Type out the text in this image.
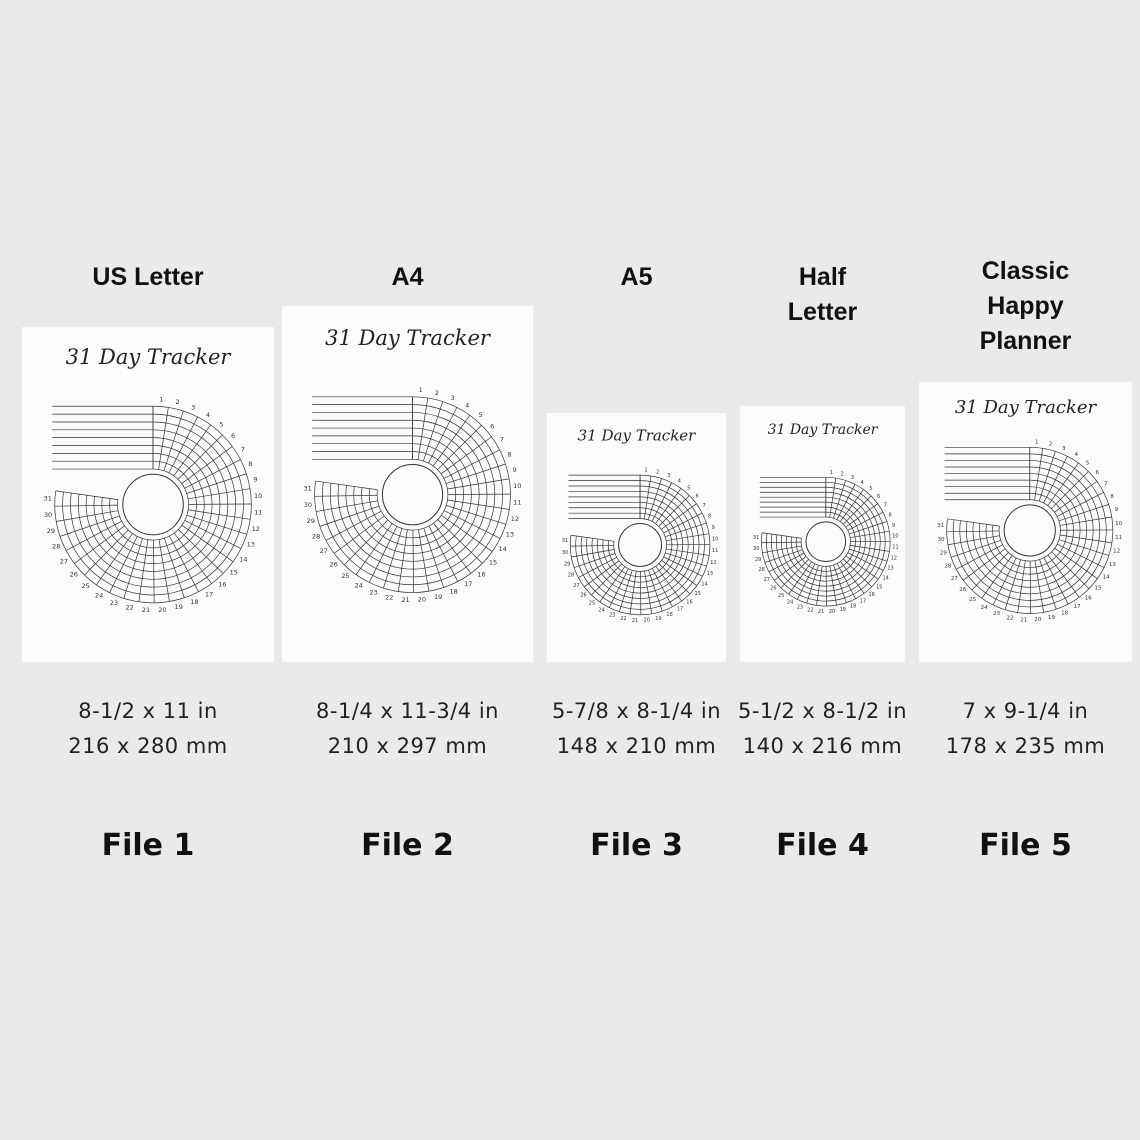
US Letter
31 Day Tracker
1 2
3
4
5
6
7
8
9
10
11
12
13
14
15
16
17
18
19
20
21
22
23
24
25
26
27
28
29
30
31
8-1/2 x 11 in
216 x 280 mm
File 1
A4
31 Day Tracker
1 2
3
4
5
6
7
8
9
10
11
12
13
14
15
16
17
18
19
20
21
22
23
24
25
26
27
28
29
30
31
8-1/4 x 11-3/4 in
210 x 297 mm
File 2
A5
31 Day Tracker
1 2
3
4
5
6
7
8
9
10
11
12
13
14
15
16
17
18
19
20
21
22
23
24
25
26
27
28
29
30
31
5-7/8 x 8-1/4 in
148 x 210 mm
File 3
Half
Letter
31 Day Tracker
1 2
3
4
5
6
7
8
9
10
11
12
13
14
15
16
17
18
19
20
21
22
23
24
25
26
27
28
29
30
31
5-1/2 x 8-1/2 in
140 x 216 mm
File 4
Classic
Happy
Planner
31 Day Tracker
1 2
3
4
5
6
7
8
9
10
11
12
13
14
15
16
17
18
19
20
21
22
23
24
25
26
27
28
29
30
31
7 x 9-1/4 in
178 x 235 mm
File 5
